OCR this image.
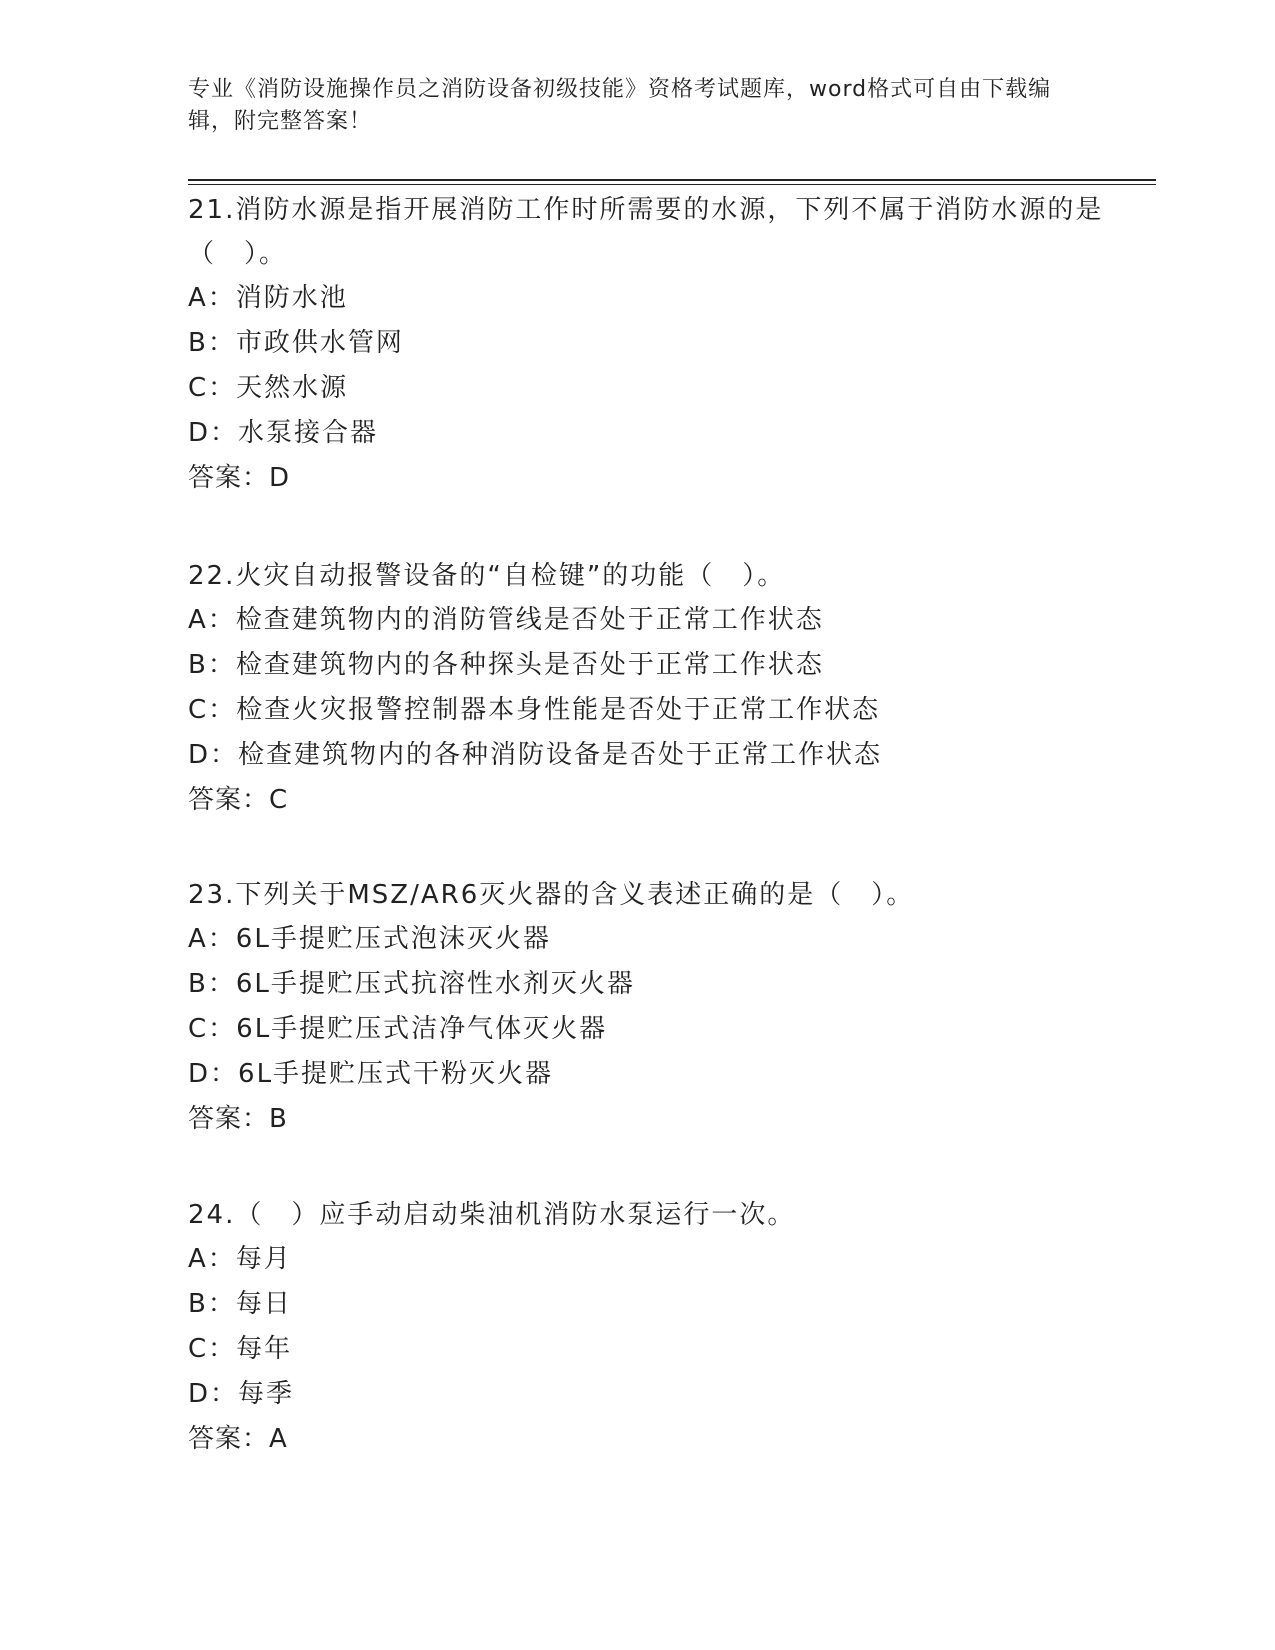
专业《消防设施操作员之消防设备初级技能》资格考试题库，word格式可自由下载编辑，附完整答案！

21.消防水源是指开展消防工作时所需要的水源，下列不属于消防水源的是（　）。

A：消防水池

B：市政供水管网

C：天然水源

D：水泵接合器

答案：D

22.火灾自动报警设备的“自检键”的功能（　）。

A：检查建筑物内的消防管线是否处于正常工作状态

B：检查建筑物内的各种探头是否处于正常工作状态

C：检查火灾报警控制器本身性能是否处于正常工作状态

D：检查建筑物内的各种消防设备是否处于正常工作状态

答案：C

23.下列关于MSZ/AR6灭火器的含义表述正确的是（　）。

A：6L手提贮压式泡沫灭火器

B：6L手提贮压式抗溶性水剂灭火器

C：6L手提贮压式洁净气体灭火器

D：6L手提贮压式干粉灭火器

答案：B

24.（　）应手动启动柴油机消防水泵运行一次。

A：每月

B：每日

C：每年

D：每季

答案：A
